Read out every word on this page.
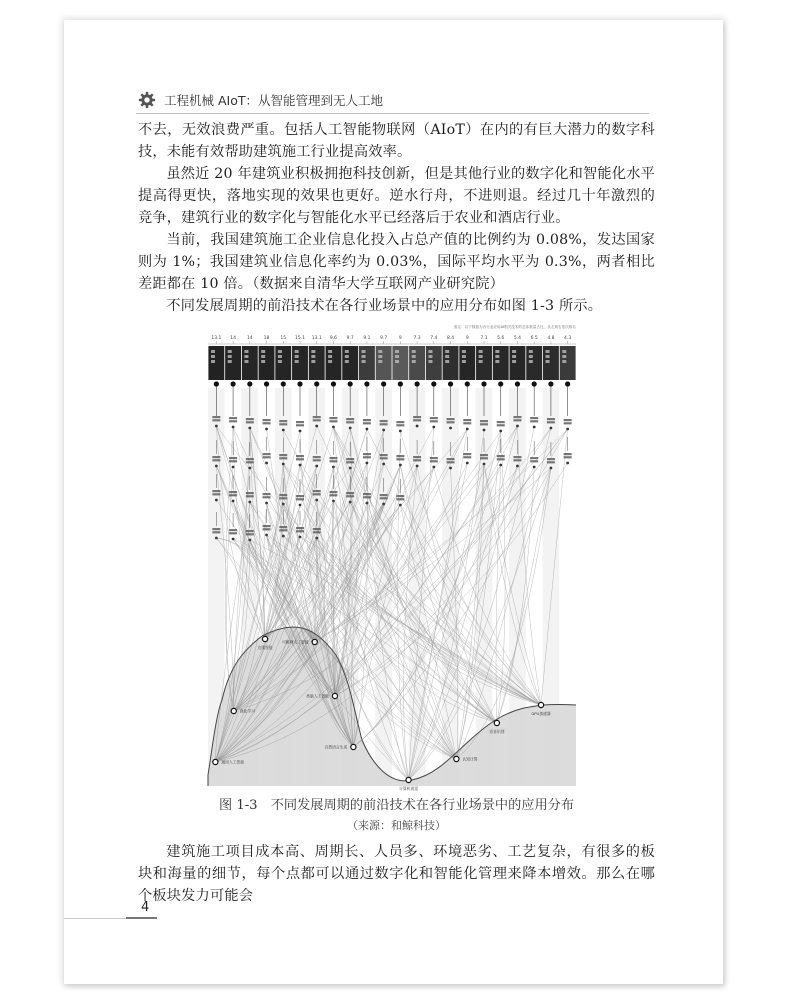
工程机械 AIoT：从智能管理到无人工地

不去，无效浪费严重。包括人工智能物联网（AIoT）在内的有巨大潜力的数字科技，未能有效帮助建筑施工行业提高效率。

虽然近 20 年建筑业积极拥抱科技创新，但是其他行业的数字化和智能化水平提高得更快，落地实现的效果也更好。逆水行舟，不进则退。经过几十年激烈的竞争，建筑行业的数字化与智能化水平已经落后于农业和酒店行业。

当前，我国建筑施工企业信息化投入占总产值的比例约为 0.08%，发达国家则为 1%；我国建筑业信息化率约为 0.03%，国际平均水平为 0.3%，两者相比差距都在 10 倍。（数据来自清华大学互联网产业研究院）

不同发展周期的前沿技术在各行业场景中的应用分布如图 1-3 所示。

备注：以下数值为各行业应用AI相关技术的总体数量占比，从左到右依次排名
13.1 14 14 18 15 15.1 13.1 9.6 9.7 9.1 9.7	9	7.3 7.4 8.4	9	7.1 5.6 5.4 6.5 4.8 4.3
通用人工智能
强化学习
边缘智能
可解释人工智能
类脑人工智能
自然语言生成
计算机视觉
认知计算
语音识别
GPU加速器
图 1-3　不同发展周期的前沿技术在各行业场景中的应用分布
（来源：和鲸科技）

建筑施工项目成本高、周期长、人员多、环境恶劣、工艺复杂，有很多的板块和海量的细节，每个点都可以通过数字化和智能化管理来降本增效。那么在哪个板块发力可能会

4
